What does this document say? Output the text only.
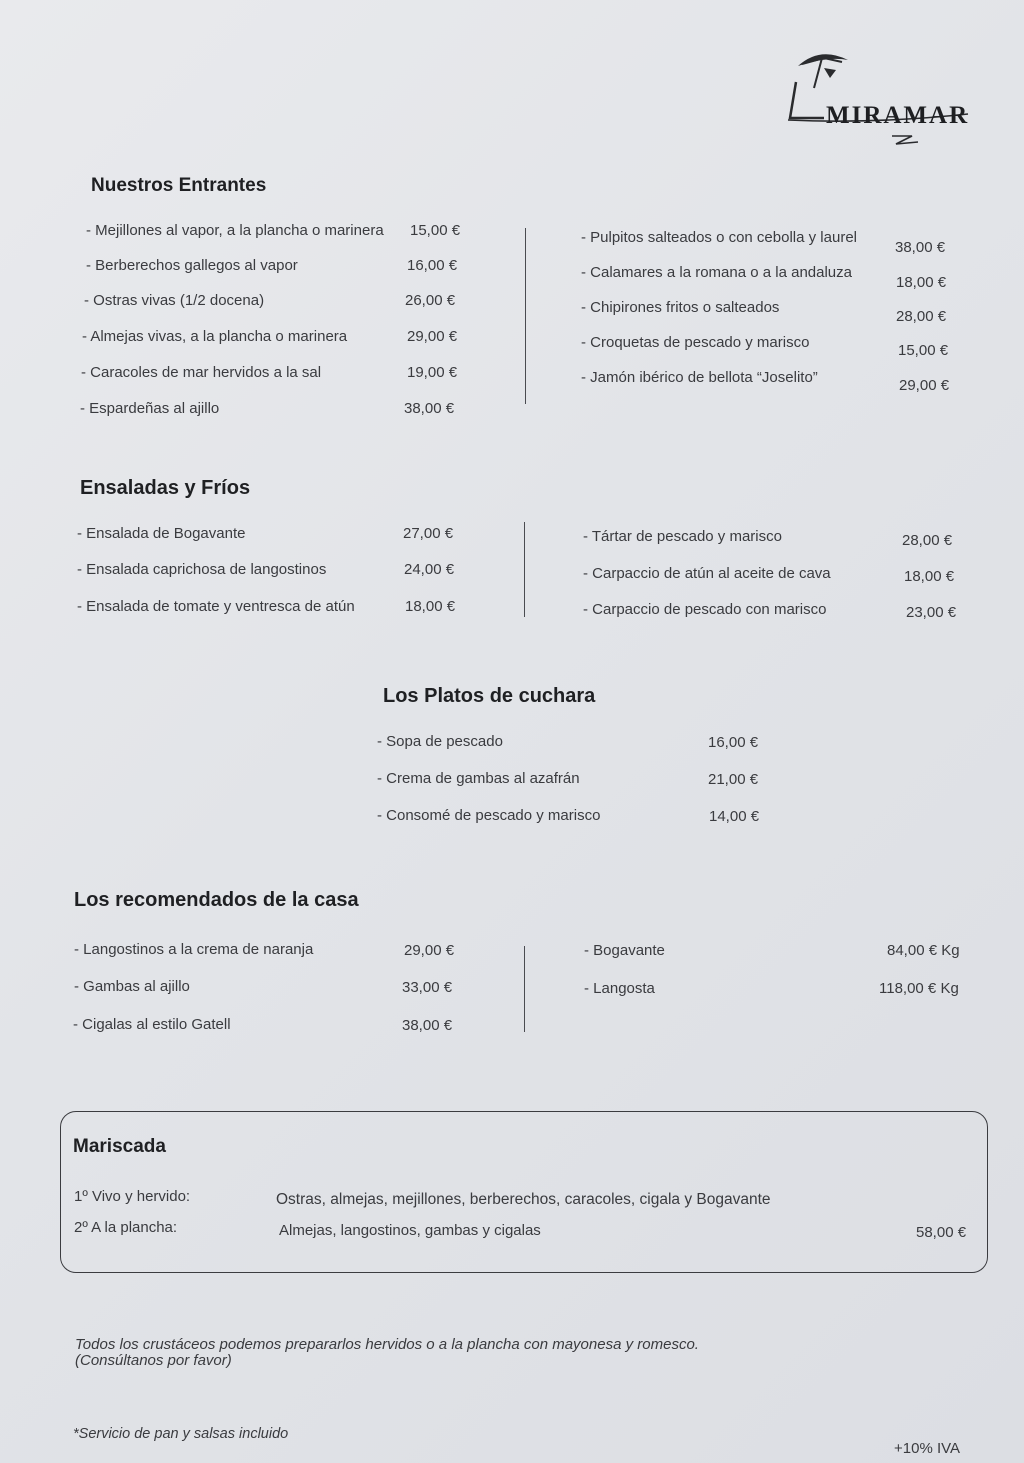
MIRAMAR
Nuestros Entrantes
- Mejillones al vapor, a la plancha o marinera 15,00 €
- Berberechos gallegos al vapor	16,00 €
- Ostras vivas (1/2 docena)	26,00 €
- Almejas vivas, a la plancha o marinera	29,00 €
- Caracoles de mar hervidos a la sal	19,00 €
- Espardeñas al ajillo	38,00 €
- Pulpitos salteados o con cebolla y laurel
38,00 €
- Calamares a la romana o a la andaluza
18,00 €
- Chipirones fritos o salteados
28,00 €
- Croquetas de pescado y marisco	15,00 €
- Jamón ibérico de bellota “Joselito”	29,00 €
Ensaladas y Fríos
- Ensalada de Bogavante	27,00 €
- Ensalada caprichosa de langostinos	24,00 €
- Ensalada de tomate y ventresca de atún	18,00 €
- Tártar de pescado y marisco	28,00 €
- Carpaccio de atún al aceite de cava	18,00 €
- Carpaccio de pescado con marisco	23,00 €
Los Platos de cuchara
- Sopa de pescado	16,00 €
- Crema de gambas al azafrán	21,00 €
- Consomé de pescado y marisco	14,00 €
Los recomendados de la casa
- Langostinos a la crema de naranja	29,00 €
- Gambas al ajillo	33,00 €
- Cigalas al estilo Gatell	38,00 €
- Bogavante	84,00 € Kg
- Langosta	118,00 € Kg
Mariscada
1º Vivo y hervido:	Ostras, almejas, mejillones, berberechos, caracoles, cigala y Bogavante
2º A la plancha:	Almejas, langostinos, gambas y cigalas	58,00 €
Todos los crustáceos podemos prepararlos hervidos o a la plancha con mayonesa y romesco.
(Consúltanos por favor)
*Servicio de pan y salsas incluido
+10% IVA
